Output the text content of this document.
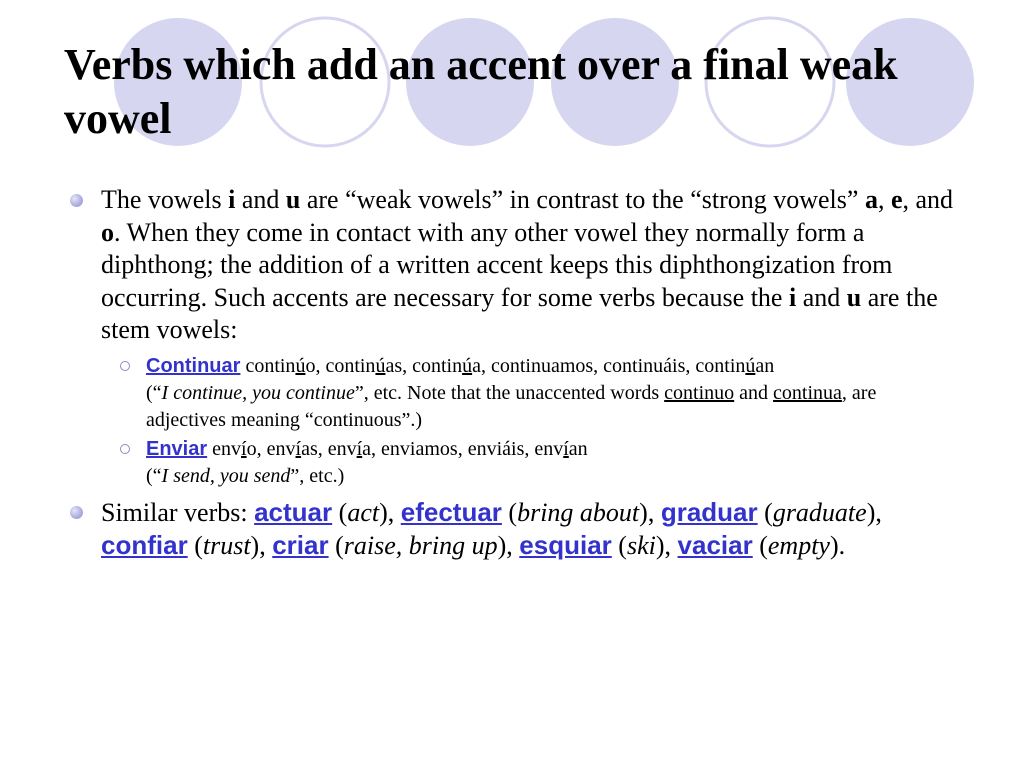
Verbs which add an accent over a final weak vowel
The vowels i and u are “weak vowels” in contrast to the “strong vowels” a, e, and o. When they come in contact with any other vowel they normally form a diphthong; the addition of a written accent keeps this diphthongization from occurring. Such accents are necessary for some verbs because the i and u are the stem vowels:
Continuar continúo, continúas, continúa, continuamos, continuáis, continúan
(“I continue, you continue”, etc. Note that the unaccented words continuo and continua, are adjectives meaning “continuous”.)
Enviar envío, envías, envía, enviamos, enviáis, envían
(“I send, you send”, etc.)
Similar verbs: actuar (act), efectuar (bring about), graduar (graduate), confiar (trust), criar (raise, bring up), esquiar (ski), vaciar (empty).
